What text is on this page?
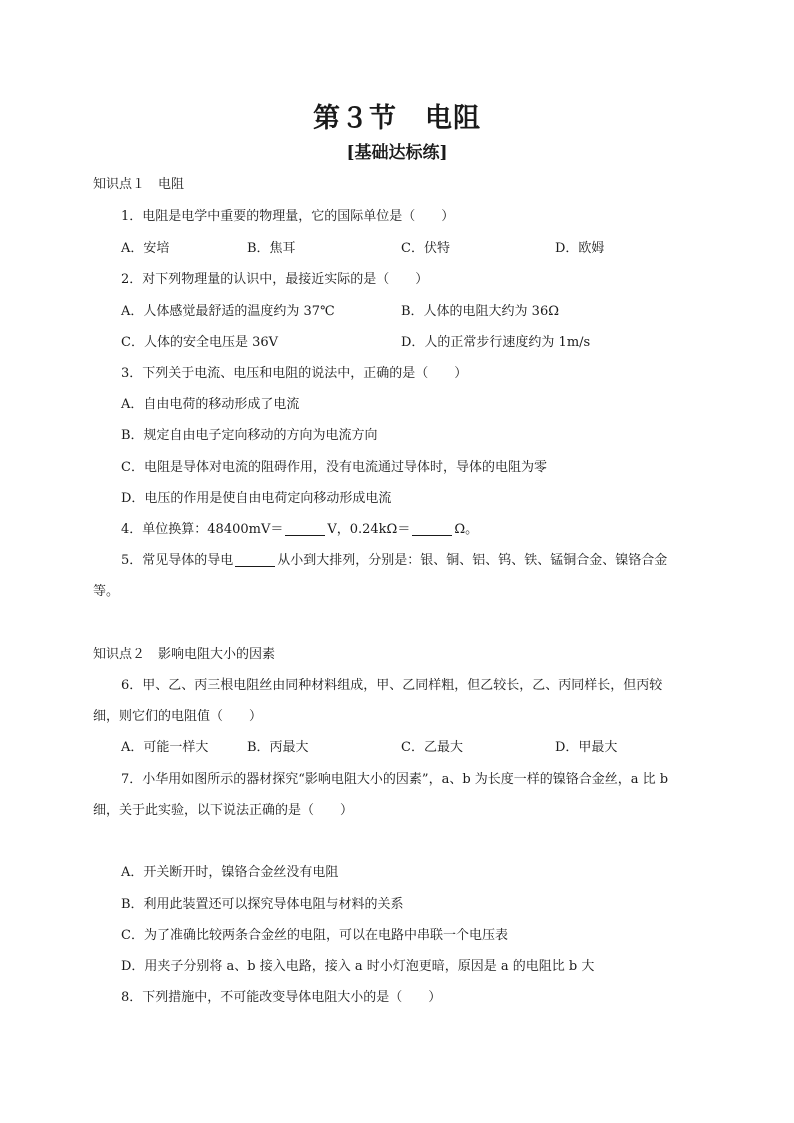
第３节　电阻
[基础达标练]
知识点１　电阻
1．电阻是电学中重要的物理量，它的国际单位是（　　）
A．安培	B．焦耳	C．伏特	D．欧姆
2．对下列物理量的认识中，最接近实际的是（　　）
A．人体感觉最舒适的温度约为 37℃	B．人体的电阻大约为 36Ω
C．人体的安全电压是 36V	D．人的正常步行速度约为 1m/s
3．下列关于电流、电压和电阻的说法中，正确的是（　　）
A．自由电荷的移动形成了电流
B．规定自由电子定向移动的方向为电流方向
C．电阻是导体对电流的阻碍作用，没有电流通过导体时，导体的电阻为零
D．电压的作用是使自由电荷定向移动形成电流
4．单位换算：48400mV＝	V，0.24kΩ＝	Ω。
5．常见导体的导电	从小到大排列，分别是：银、铜、铝、钨、铁、锰铜合金、镍铬合金
等。
知识点２　影响电阻大小的因素
6．甲、乙、丙三根电阻丝由同种材料组成，甲、乙同样粗，但乙较长，乙、丙同样长，但丙较
细，则它们的电阻值（　　）
A．可能一样大	B．丙最大	C．乙最大	D．甲最大
7．小华用如图所示的器材探究“影响电阻大小的因素”，a、b 为长度一样的镍铬合金丝，a 比 b
细，关于此实验，以下说法正确的是（　　）
A．开关断开时，镍铬合金丝没有电阻
B．利用此装置还可以探究导体电阻与材料的关系
C．为了准确比较两条合金丝的电阻，可以在电路中串联一个电压表
D．用夹子分别将 a、b 接入电路，接入 a 时小灯泡更暗，原因是 a 的电阻比 b 大
8．下列措施中，不可能改变导体电阻大小的是（　　）
